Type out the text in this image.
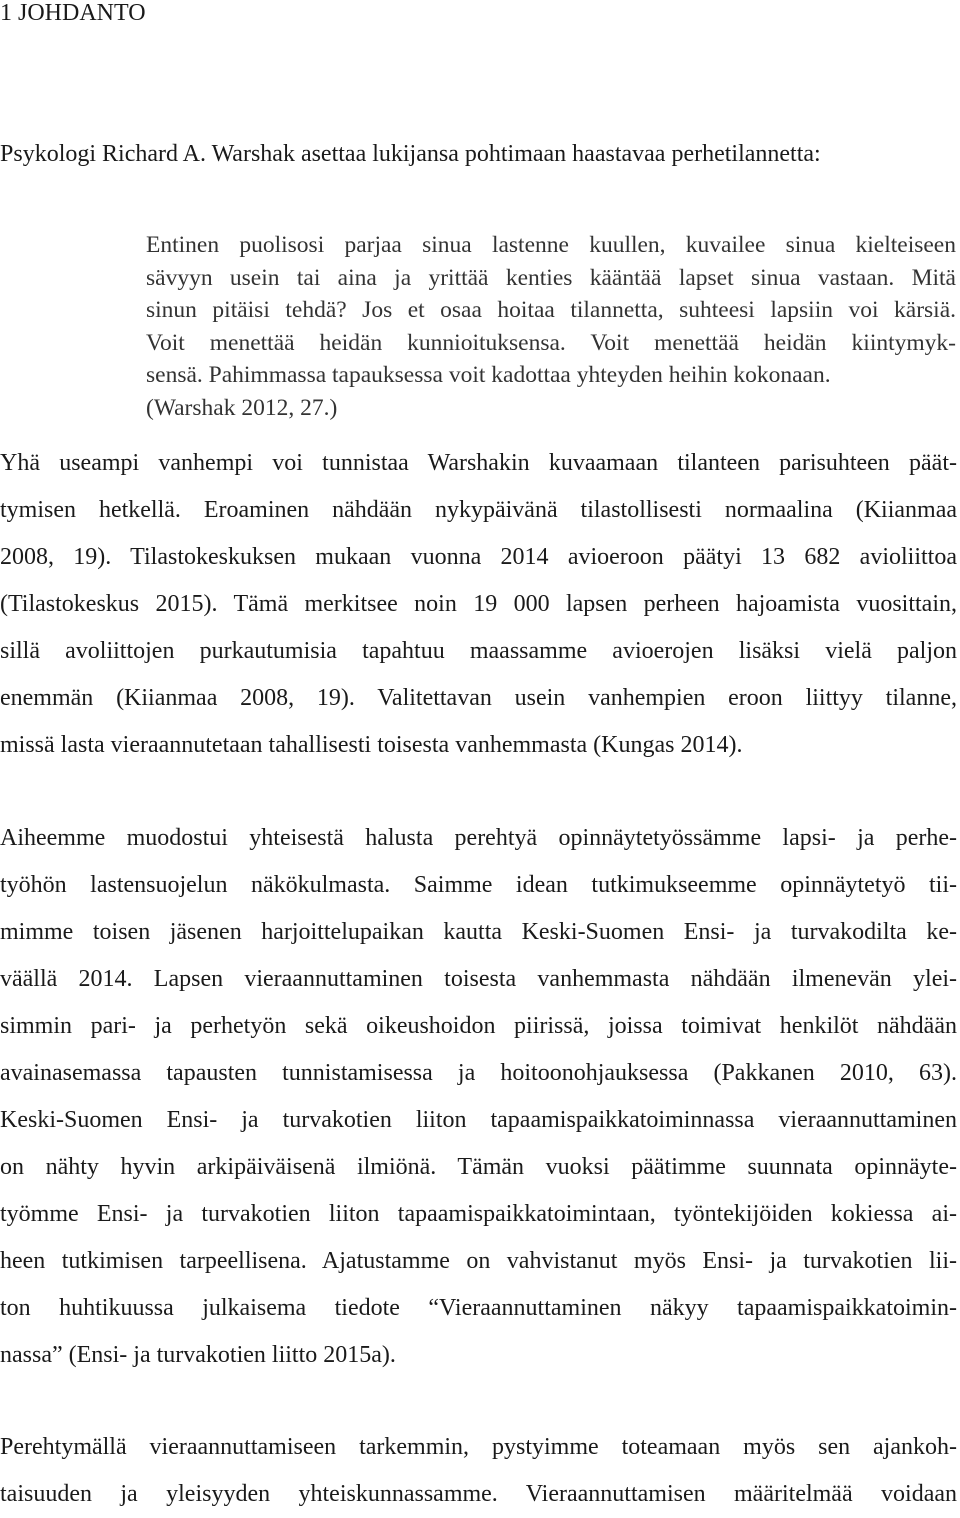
1 JOHDANTO
Psykologi Richard A. Warshak asettaa lukijansa pohtimaan haastavaa perhetilannetta:
Entinen puolisosi parjaa sinua lastenne kuullen, kuvailee sinua kielteiseen
sävyyn usein tai aina ja yrittää kenties kääntää lapset sinua vastaan. Mitä
sinun pitäisi tehdä? Jos et osaa hoitaa tilannetta, suhteesi lapsiin voi kärsiä.
Voit menettää heidän kunnioituksensa. Voit menettää heidän kiintymyk-
sensä. Pahimmassa tapauksessa voit kadottaa yhteyden heihin kokonaan.
(Warshak 2012, 27.)
Yhä useampi vanhempi voi tunnistaa Warshakin kuvaamaan tilanteen parisuhteen päät-
tymisen hetkellä. Eroaminen nähdään nykypäivänä tilastollisesti normaalina (Kiianmaa
2008, 19). Tilastokeskuksen mukaan vuonna 2014 avioeroon päätyi 13 682 avioliittoa
(Tilastokeskus 2015). Tämä merkitsee noin 19 000 lapsen perheen hajoamista vuosittain,
sillä avoliittojen purkautumisia tapahtuu maassamme avioerojen lisäksi vielä paljon
enemmän (Kiianmaa 2008, 19). Valitettavan usein vanhempien eroon liittyy tilanne,
missä lasta vieraannutetaan tahallisesti toisesta vanhemmasta (Kungas 2014).
Aiheemme muodostui yhteisestä halusta perehtyä opinnäytetyössämme lapsi- ja perhe-
työhön lastensuojelun näkökulmasta. Saimme idean tutkimukseemme opinnäytetyö tii-
mimme toisen jäsenen harjoittelupaikan kautta Keski-Suomen Ensi- ja turvakodilta ke-
väällä 2014. Lapsen vieraannuttaminen toisesta vanhemmasta nähdään ilmenevän ylei-
simmin pari- ja perhetyön sekä oikeushoidon piirissä, joissa toimivat henkilöt nähdään
avainasemassa tapausten tunnistamisessa ja hoitoonohjauksessa (Pakkanen 2010, 63).
Keski-Suomen Ensi- ja turvakotien liiton tapaamispaikkatoiminnassa vieraannuttaminen
on nähty hyvin arkipäiväisenä ilmiönä. Tämän vuoksi päätimme suunnata opinnäyte-
työmme Ensi- ja turvakotien liiton tapaamispaikkatoimintaan, työntekijöiden kokiessa ai-
heen tutkimisen tarpeellisena. Ajatustamme on vahvistanut myös Ensi- ja turvakotien lii-
ton huhtikuussa julkaisema tiedote “Vieraannuttaminen näkyy tapaamispaikkatoimin-
nassa” (Ensi- ja turvakotien liitto 2015a).
Perehtymällä vieraannuttamiseen tarkemmin, pystyimme toteamaan myös sen ajankoh-
taisuuden ja yleisyyden yhteiskunnassamme. Vieraannuttamisen määritelmää voidaan
